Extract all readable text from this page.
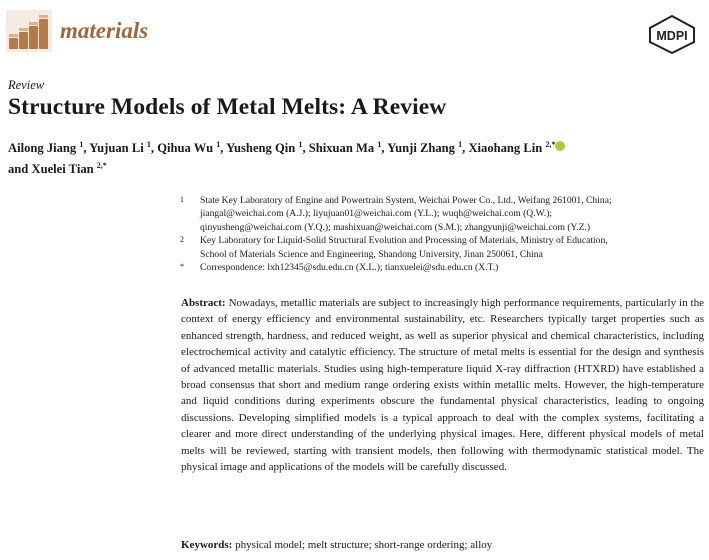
materials	MDPI
Review
Structure Models of Metal Melts: A Review

Ailong Jiang $^1$, Yujuan Li $^1$, Qihua Wu $^1$, Yusheng Qin $^1$, Shixuan Ma $^1$, Yunji Zhang $^1$, Xiaohang Lin $^{2,*}$
and Xuelei Tian $^{2,*}$

1 State Key Laboratory of Engine and Powertrain System, Weichai Power Co., Ltd., Weifang 261001, China;
jiangal@weichai.com (A.J.); liyujuan01@weichai.com (Y.L.); wuqh@weichai.com (Q.W.);
qinyusheng@weichai.com (Y.Q.); mashixuan@weichai.com (S.M.); zhangyunji@weichai.com (Y.Z.)
2 Key Laboratory for Liquid-Solid Structural Evolution and Processing of Materials, Ministry of Education,
School of Materials Science and Engineering, Shandong University, Jinan 250061, China
* Correspondence: lxh12345@sdu.edu.cn (X.L.); tianxuelei@sdu.edu.cn (X.T.)

Abstract: Nowadays, metallic materials are subject to increasingly high performance requirements, particularly in the context of energy efficiency and environmental sustainability, etc. Researchers typically target properties such as enhanced strength, hardness, and reduced weight, as well as superior physical and chemical characteristics, including electrochemical activity and catalytic efficiency. The structure of metal melts is essential for the design and synthesis of advanced metallic materials. Studies using high-temperature liquid X-ray diffraction (HTXRD) have established a broad consensus that short and medium range ordering exists within metallic melts. However, the high-temperature and liquid conditions during experiments obscure the fundamental physical characteristics, leading to ongoing discussions. Developing simplified models is a typical approach to deal with the complex systems, facilitating a clearer and more direct understanding of the underlying physical images. Here, different physical models of metal melts will be reviewed, starting with transient models, then following with thermodynamic statistical model. The physical image and applications of the models will be carefully discussed.

Keywords: physical model; melt structure; short-range ordering; alloy
